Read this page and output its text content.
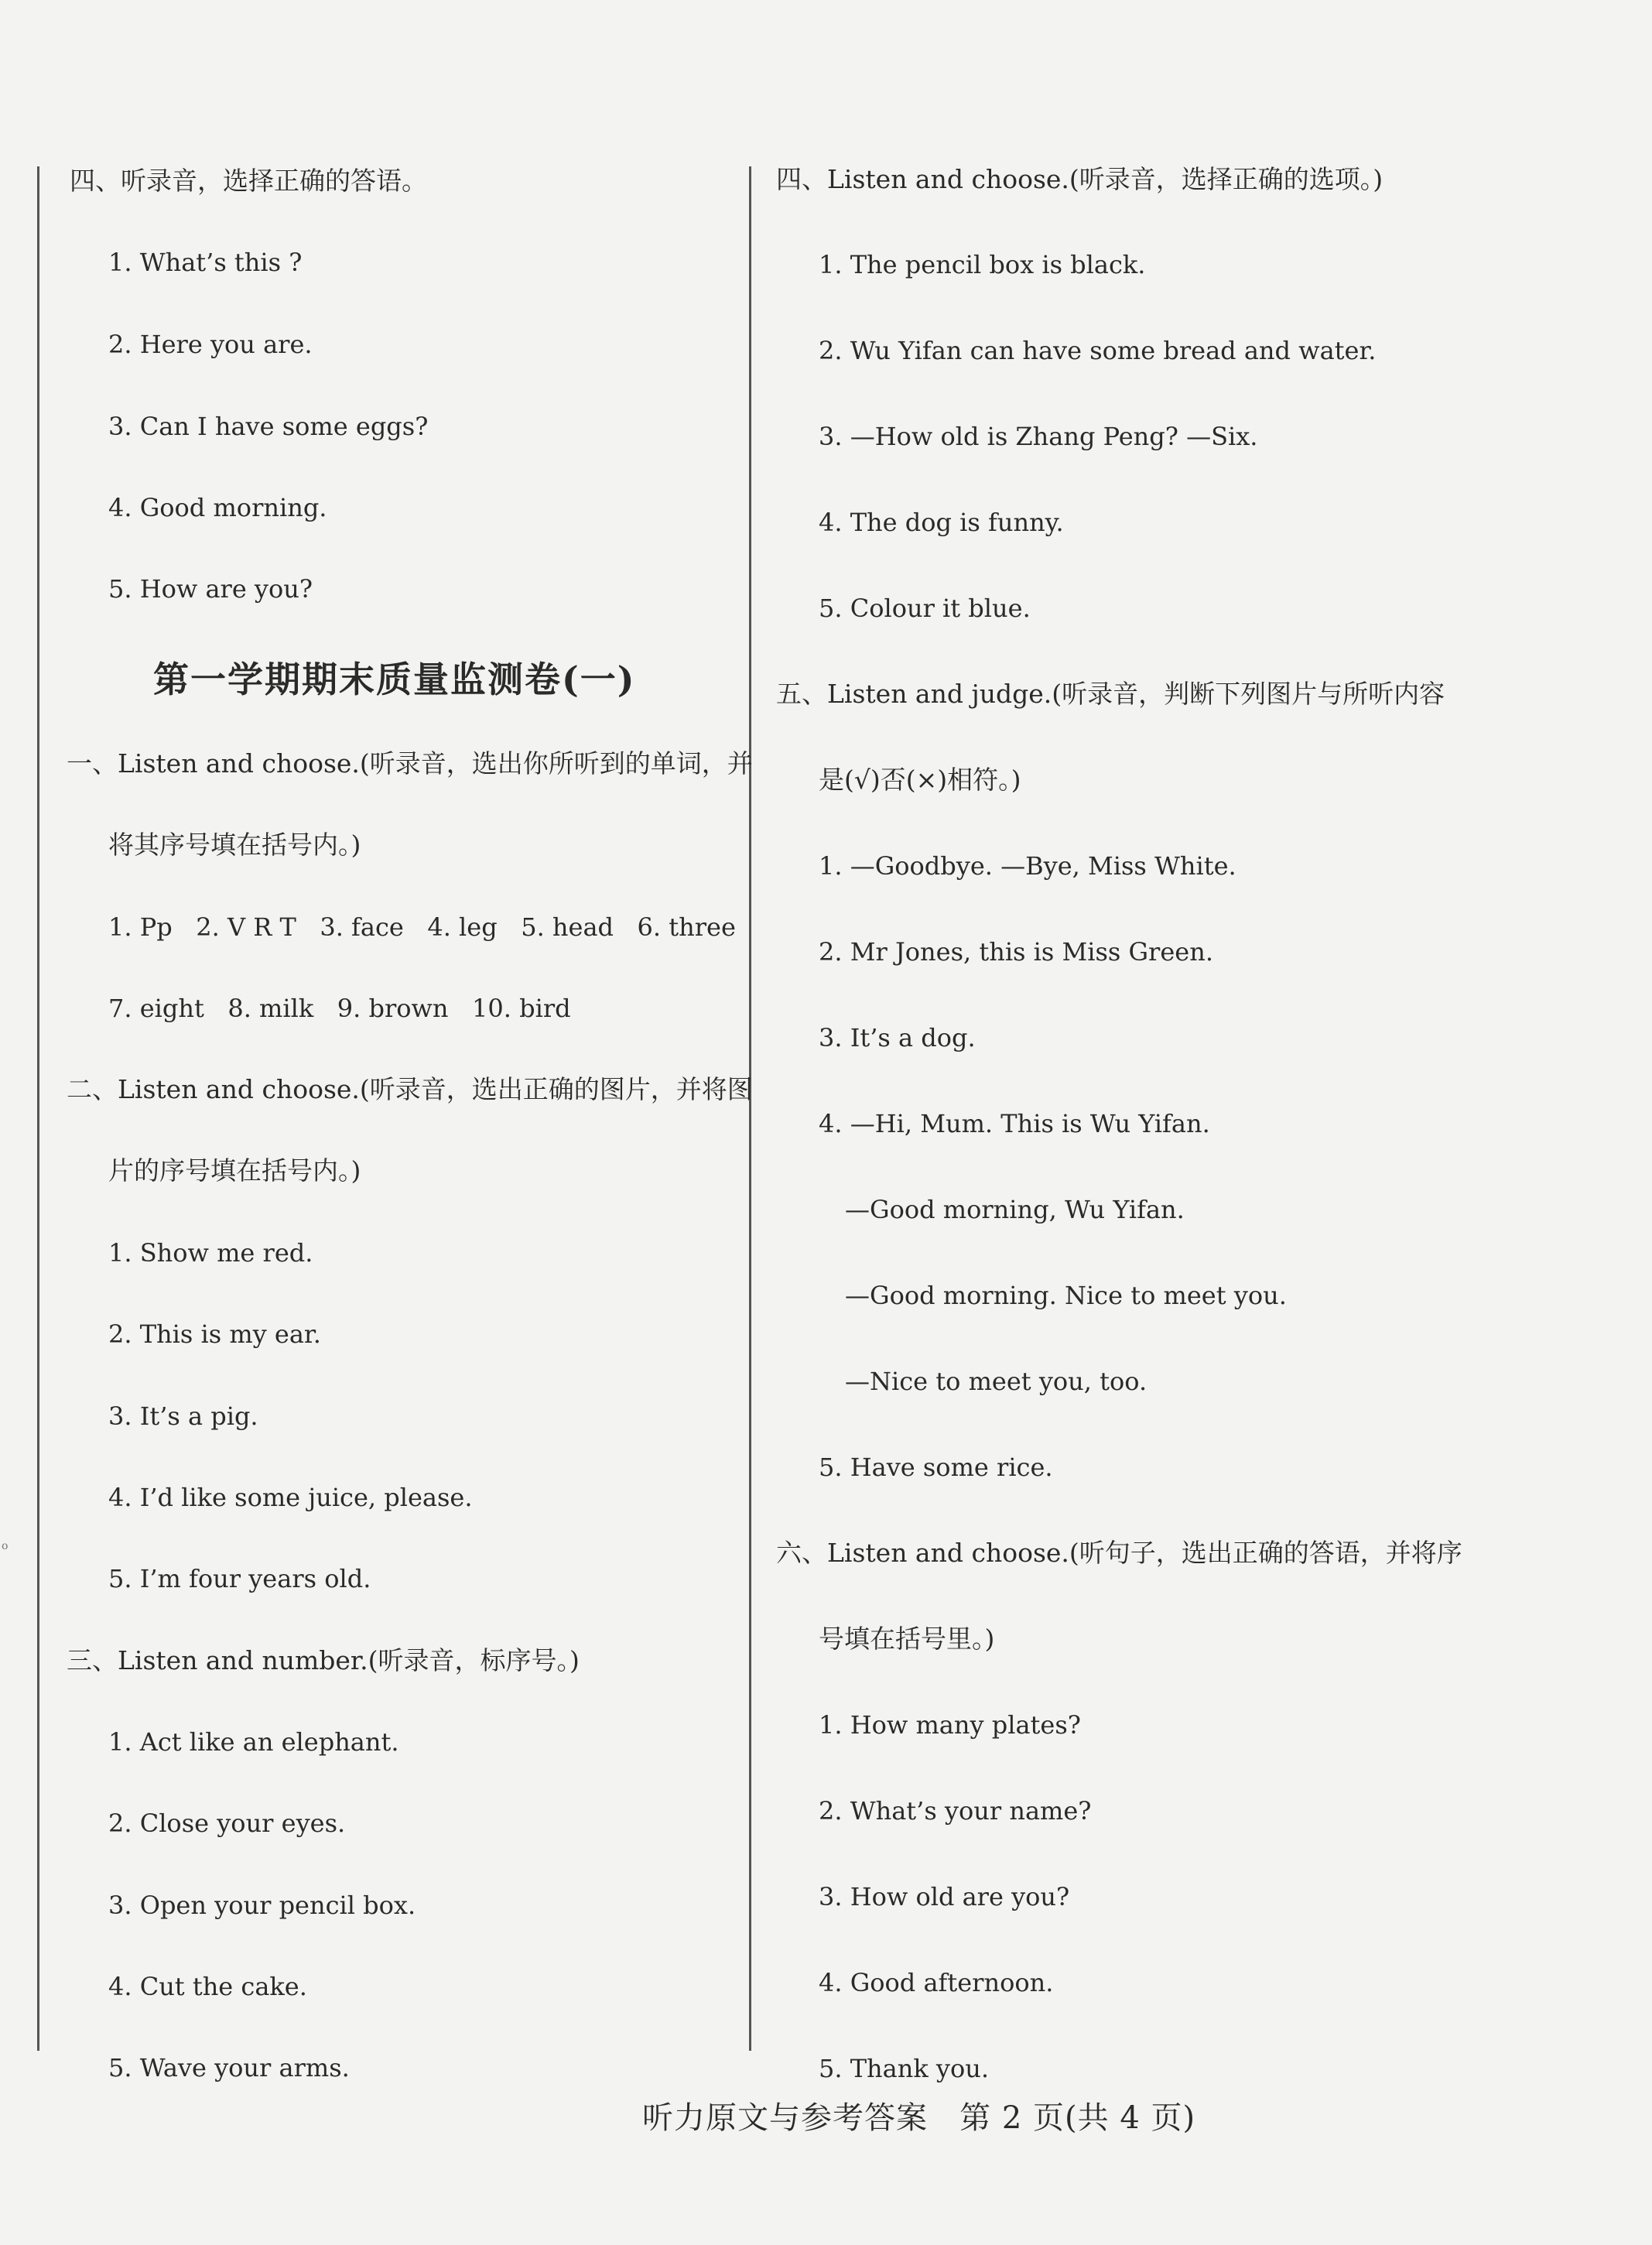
o
四、听录音，选择正确的答语。
1. What’s this ?
2. Here you are.
3. Can I have some eggs?
4. Good morning.
5. How are you?
第一学期期末质量监测卷(一)
一、Listen and choose.(听录音，选出你所听到的单词，并
将其序号填在括号内。)
1. Pp   2. V R T   3. face   4. leg   5. head   6. three
7. eight   8. milk   9. brown   10. bird
二、Listen and choose.(听录音，选出正确的图片，并将图
片的序号填在括号内。)
1. Show me red.
2. This is my ear.
3. It’s a pig.
4. I’d like some juice, please.
5. I’m four years old.
三、Listen and number.(听录音，标序号。)
1. Act like an elephant.
2. Close your eyes.
3. Open your pencil box.
4. Cut the cake.
5. Wave your arms.
四、Listen and choose.(听录音，选择正确的选项。)
1. The pencil box is black.
2. Wu Yifan can have some bread and water.
3. —How old is Zhang Peng? —Six.
4. The dog is funny.
5. Colour it blue.
五、Listen and judge.(听录音，判断下列图片与所听内容
是(√)否(×)相符。)
1. —Goodbye. —Bye, Miss White.
2. Mr Jones, this is Miss Green.
3. It’s a dog.
4. —Hi, Mum. This is Wu Yifan.
—Good morning, Wu Yifan.
—Good morning. Nice to meet you.
—Nice to meet you, too.
5. Have some rice.
六、Listen and choose.(听句子，选出正确的答语，并将序
号填在括号里。)
1. How many plates?
2. What’s your name?
3. How old are you?
4. Good afternoon.
5. Thank you.
听力原文与参考答案   第 2 页(共 4 页)
